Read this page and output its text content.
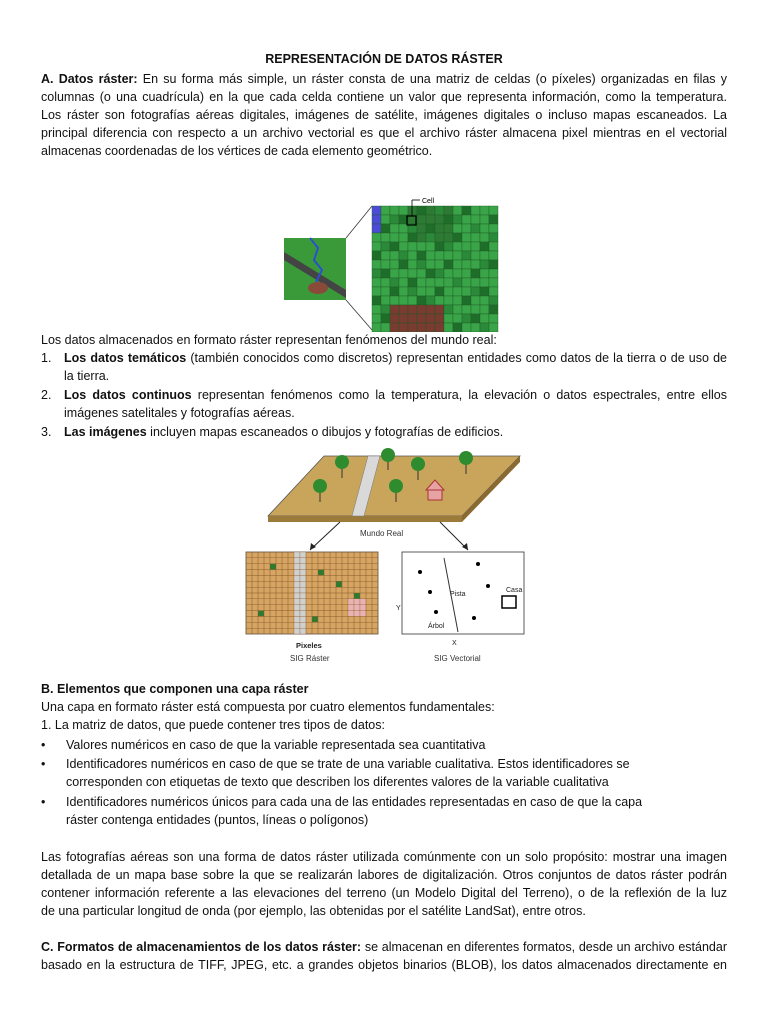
REPRESENTACIÓN DE DATOS RÁSTER
A. Datos ráster: En su forma más simple, un ráster consta de una matriz de celdas (o píxeles) organizadas en filas y
columnas (o una cuadrícula) en la que cada celda contiene un valor que representa información, como la temperatura.
Los ráster son fotografías aéreas digitales, imágenes de satélite, imágenes digitales o incluso mapas escaneados. La
principal diferencia con respecto a un archivo vectorial es que el archivo ráster almacena pixel mientras en el vectorial
almacenas coordenadas de los vértices de cada elemento geométrico.
Cell
Los datos almacenados en formato ráster representan fenómenos del mundo real:
1. Los datos temáticos (también conocidos como discretos) representan entidades como datos de la tierra o de uso de
la tierra.
2. Los datos continuos representan fenómenos como la temperatura, la elevación o datos espectrales, entre ellos
imágenes satelitales y fotografías aéreas.
3. Las imágenes incluyen mapas escaneados o dibujos y fotografías de edificios.
Mundo Real
Pixeles
SIG Ráster
Pista
Árbol
Casa
Y
X
SIG Vectorial
B. Elementos que componen una capa ráster
Una capa en formato ráster está compuesta por cuatro elementos fundamentales:
1. La matriz de datos, que puede contener tres tipos de datos:
• Valores numéricos en caso de que la variable representada sea cuantitativa
• Identificadores numéricos en caso de que se trate de una variable cualitativa. Estos identificadores se
corresponden con etiquetas de texto que describen los diferentes valores de la variable cualitativa
• Identificadores numéricos únicos para cada una de las entidades representadas en caso de que la capa
ráster contenga entidades (puntos, líneas o polígonos)
Las fotografías aéreas son una forma de datos ráster utilizada comúnmente con un solo propósito: mostrar una imagen
detallada de un mapa base sobre la que se realizarán labores de digitalización. Otros conjuntos de datos ráster podrán
contener información referente a las elevaciones del terreno (un Modelo Digital del Terreno), o de la reflexión de la luz
de una particular longitud de onda (por ejemplo, las obtenidas por el satélite LandSat), entre otros.
C. Formatos de almacenamientos de los datos ráster: se almacenan en diferentes formatos, desde un archivo estándar
basado en la estructura de TIFF, JPEG, etc. a grandes objetos binarios (BLOB), los datos almacenados directamente en
